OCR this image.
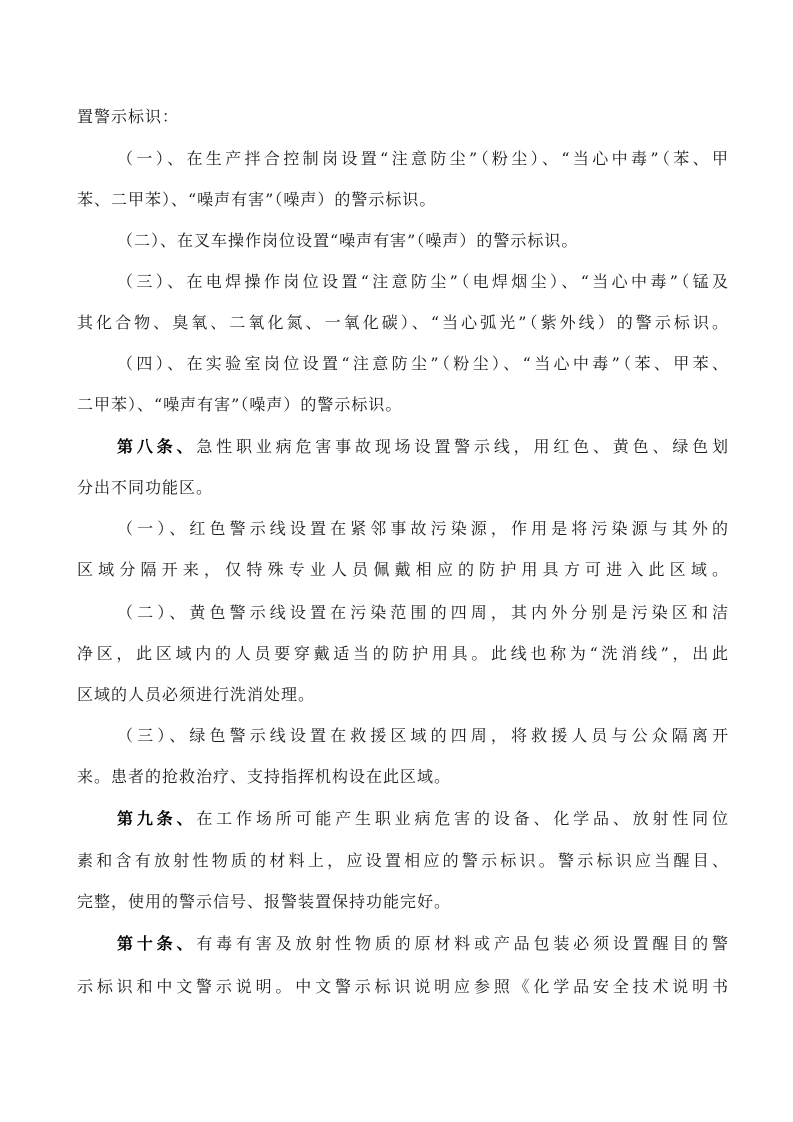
置警示标识：
（一）、在生产拌合控制岗设置“注意防尘”（粉尘）、“当心中毒”（苯、甲
苯、二甲苯）、“噪声有害”（噪声）的警示标识。
（二）、在叉车操作岗位设置“噪声有害”（噪声）的警示标识。
（三）、在电焊操作岗位设置“注意防尘”（电焊烟尘）、“当心中毒”（锰及
其化合物、臭氧、二氧化氮、一氧化碳）、“当心弧光”（紫外线）的警示标识。
（四）、在实验室岗位设置“注意防尘”（粉尘）、“当心中毒”（苯、甲苯、
二甲苯）、“噪声有害”（噪声）的警示标识。
第八条、急性职业病危害事故现场设置警示线，用红色、黄色、绿色划
分出不同功能区。
（一）、红色警示线设置在紧邻事故污染源，作用是将污染源与其外的
区域分隔开来，仅特殊专业人员佩戴相应的防护用具方可进入此区域。
（二）、黄色警示线设置在污染范围的四周，其内外分别是污染区和洁
净区，此区域内的人员要穿戴适当的防护用具。此线也称为“洗消线”，出此
区域的人员必须进行洗消处理。
（三）、绿色警示线设置在救援区域的四周，将救援人员与公众隔离开
来。患者的抢救治疗、支持指挥机构设在此区域。
第九条、在工作场所可能产生职业病危害的设备、化学品、放射性同位
素和含有放射性物质的材料上，应设置相应的警示标识。警示标识应当醒目、
完整，使用的警示信号、报警装置保持功能完好。
第十条、有毒有害及放射性物质的原材料或产品包装必须设置醒目的警
示标识和中文警示说明。中文警示标识说明应参照《化学品安全技术说明书
